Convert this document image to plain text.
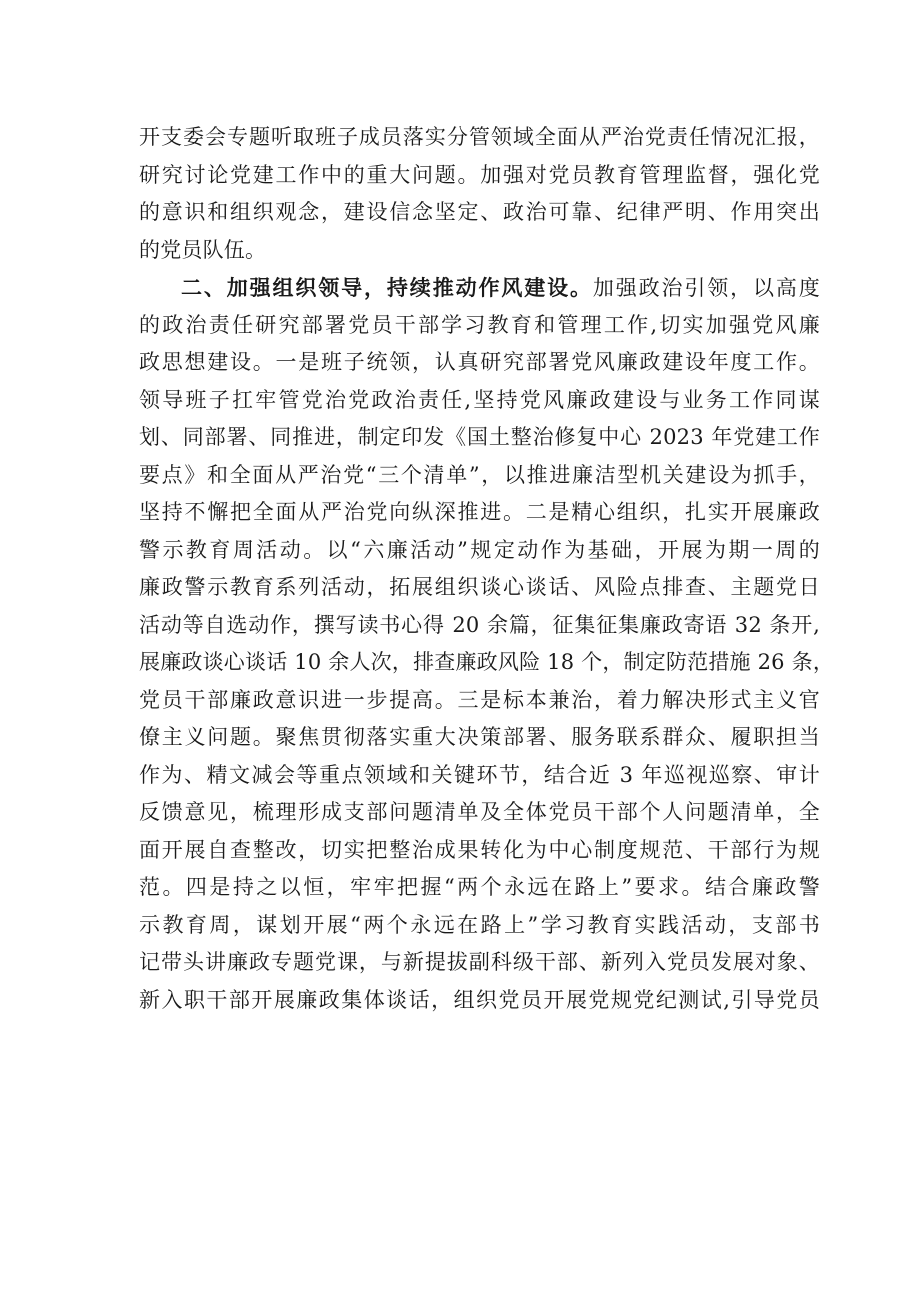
开支委会专题听取班子成员落实分管领域全面从严治党责任情况汇报，
研究讨论党建工作中的重大问题。加强对党员教育管理监督，强化党
的意识和组织观念，建设信念坚定、政治可靠、纪律严明、作用突出
的党员队伍。
二、加强组织领导，持续推动作风建设。加强政治引领，以高度
的政治责任研究部署党员干部学习教育和管理工作,切实加强党风廉
政思想建设。一是班子统领，认真研究部署党风廉政建设年度工作。
领导班子扛牢管党治党政治责任,坚持党风廉政建设与业务工作同谋
划、同部署、同推进，制定印发《国土整治修复中心 2023 年党建工作
要点》和全面从严治党“三个清单”，以推进廉洁型机关建设为抓手，
坚持不懈把全面从严治党向纵深推进。二是精心组织，扎实开展廉政
警示教育周活动。以“六廉活动”规定动作为基础，开展为期一周的
廉政警示教育系列活动，拓展组织谈心谈话、风险点排查、主题党日
活动等自选动作，撰写读书心得 20 余篇，征集征集廉政寄语 32 条开,
展廉政谈心谈话 10 余人次，排查廉政风险 18 个，制定防范措施 26 条，
党员干部廉政意识进一步提高。三是标本兼治，着力解决形式主义官
僚主义问题。聚焦贯彻落实重大决策部署、服务联系群众、履职担当
作为、精文减会等重点领域和关键环节，结合近 3 年巡视巡察、审计
反馈意见，梳理形成支部问题清单及全体党员干部个人问题清单，全
面开展自查整改，切实把整治成果转化为中心制度规范、干部行为规
范。四是持之以恒，牢牢把握“两个永远在路上”要求。结合廉政警
示教育周，谋划开展“两个永远在路上”学习教育实践活动，支部书
记带头讲廉政专题党课，与新提拔副科级干部、新列入党员发展对象、
新入职干部开展廉政集体谈话，组织党员开展党规党纪测试,引导党员
